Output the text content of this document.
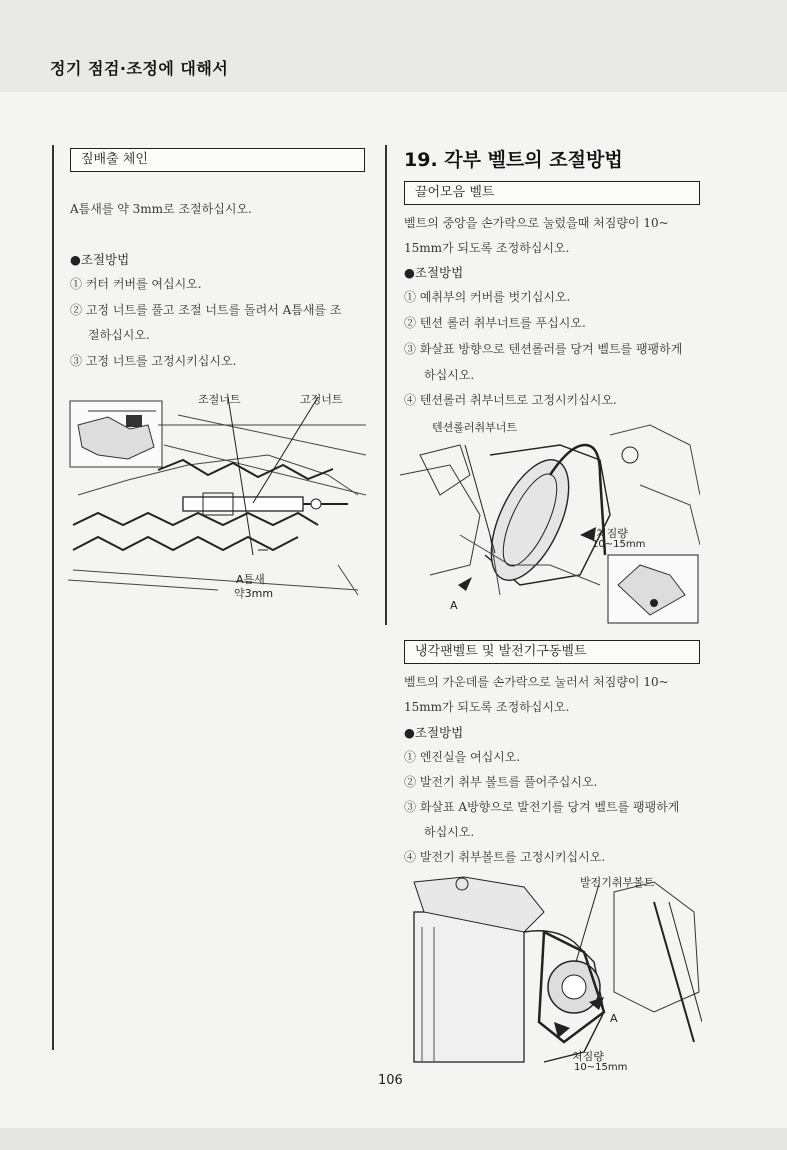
정기 점검·조정에 대해서
짚배출 체인
A틈새를 약 3mm로 조절하십시오.
●조절방법
① 커터 커버를 여십시오.
② 고정 너트를 풀고 조절 너트를 돌려서 A틈새를 조
절하십시오.
③ 고정 너트를 고정시키십시오.
조절너트	고정너트
A틈새
약3mm
19. 각부 벨트의 조절방법
끌어모음 벨트
벨트의 중앙을 손가락으로 눌렀을때 처짐량이 10~
15mm가 되도록 조정하십시오.
●조절방법
① 예취부의 커버를 벗기십시오.
② 텐션 롤러 취부너트를 푸십시오.
③ 화살표 방향으로 텐션롤러를 당겨 벨트를 팽팽하게
하십시오.
④ 텐션롤러 취부너트로 고정시키십시오.
텐션롤러취부너트
처짐량
10~15mm
A
냉각팬벨트 및 발전기구동벨트
벨트의 가운데를 손가락으로 눌러서 처짐량이 10~
15mm가 되도록 조정하십시오.
●조절방법
① 엔진실을 여십시오.
② 발전기 취부 볼트를 풀어주십시오.
③ 화살표 A방향으로 발전기를 당겨 벨트를 팽팽하게
하십시오.
④ 발전기 취부볼트를 고정시키십시오.
발전기취부볼트
A
처짐량
10~15mm
106
